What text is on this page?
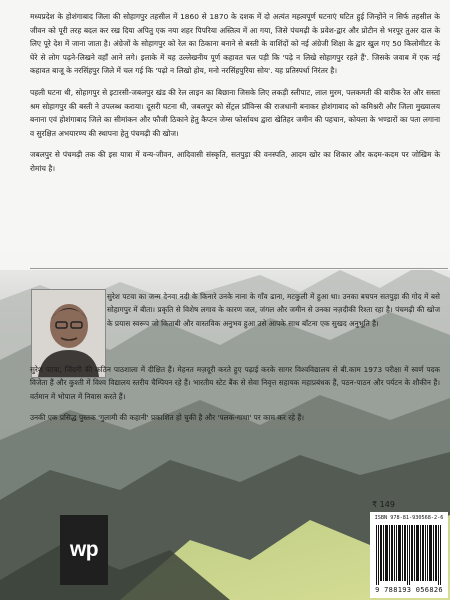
मध्यप्रदेश के होशंगाबाद जिला की सोहागपुर तहसील में 1860 से 1870 के दशक में दो अत्यंत महत्वपूर्ण घटनाएं घटित हुई जिन्होंने न सिर्फ तहसील के जीवन को पूरी तरह बदल कर रख दिया अपितु एक नया शहर पिपरिया अस्तित्व में आ गया, जिसे पंचमढ़ी के प्रवेश-द्वार और प्रोटीन से भरपूर तुअर दाल के लिए पूरे देश में जाना जाता है। अंग्रेजों के सोहागपुर को रेल का ठिकाना बनाने से बस्ती के वाशिंदों को नई अंग्रेजी शिक्षा के द्वार खुल गए 50 किलोमीटर के घेरे से लोग पढ़ने-लिखने वहाँ आने लगे। इलाके में यह उल्लेखनीय पूर्ण कहावत चल पड़ी कि 'पढ़े न लिखे सोहागपुर रहते हैं'. जिसके जवाब में एक नई कहावत बाजू के नरसिंहपुर जिले में चल गई कि 'पढ़ो न लिखो होय, मनो नरसिंहपुरिया सोय'. यह प्रतिस्पर्धा निरंतर है।

पहली घटना थी, सोहागपुर से इटारसी-जबलपुर खंड की रेल लाइन का बिछाना जिसके लिए लकड़ी स्लीपाट, लाल मुरम, पलकमती की बारीक रेत और सस्ता श्रम सोहागपुर की बस्ती ने उपलब्ध कराया। दूसरी घटना थी, जबलपुर को सेंट्रल प्रॉविन्स की राजधानी बनाकर होशंगाबाद को कमिश्नरी और जिला मुख्यालय बनाना एवं होशंगाबाद जिले का सीमांकन और फौजी ठिकाने हेतु कैप्टन जेम्स फोर्सायथ द्वारा खेतिहर जमीन की पहचान, कोयला के भण्डारों का पता लगाना व सुरक्षित अभयारण्य की स्थापना हेतु पंचमढ़ी की खोज।

जबलपुर से पंचमढ़ी तक की इस यात्रा में वन्य-जीवन, आदिवासी संस्कृति, सतपुड़ा की वनस्पति, आदम खोर का शिकार और कदम-कदम पर जोखिम के रोमांच है।

सुरेश पटवा का जन्म देनवा नदी के किनारे उनके नाना के गाँव ढाना, मटकुली में हुआ था। उनका बचपन सतपुड़ा की गोद में बसे सोहागपुर में बीता। प्रकृति से विशेष लगाव के कारण जल, जंगल और जमीन से उनका नज़दीकी रिश्ता रहा है। पंचमढ़ी की खोज के प्रयास स्वरूप जो किताबी और वास्तविक अनुभव हुआ उसे आपके साथ बाँटना एक सुखद अनुभूति है।

सुरेश पटवा, जिंदगी की कठिन पाठशाला में दीक्षित हैं। मेहनत मज़दूरी करते हुए पढ़ाई करके सागर विश्वविद्यालय से बी.काम 1973 परीक्षा में स्वर्ण पदक विजेता हैं और कुश्ती में विश्व विद्यालय स्तरीय चैम्पियन रहे हैं। भारतीय स्टेट बैंक से सेवा निवृत्त सहायक महाप्रबंधक हैं, पठन-पाठन और पर्यटन के शौकीन हैं। वर्तमान में भोपाल में निवास करते हैं।

उनकी एक प्रसिद्ध पुस्तक 'गुलामी की कहानी' प्रकाशित हो चुकी है और 'पलक-गाथा' पर काम कर रहे हैं।

wp
₹ 149
ISBN 978-81-930568-2-6
9 788193 056826
